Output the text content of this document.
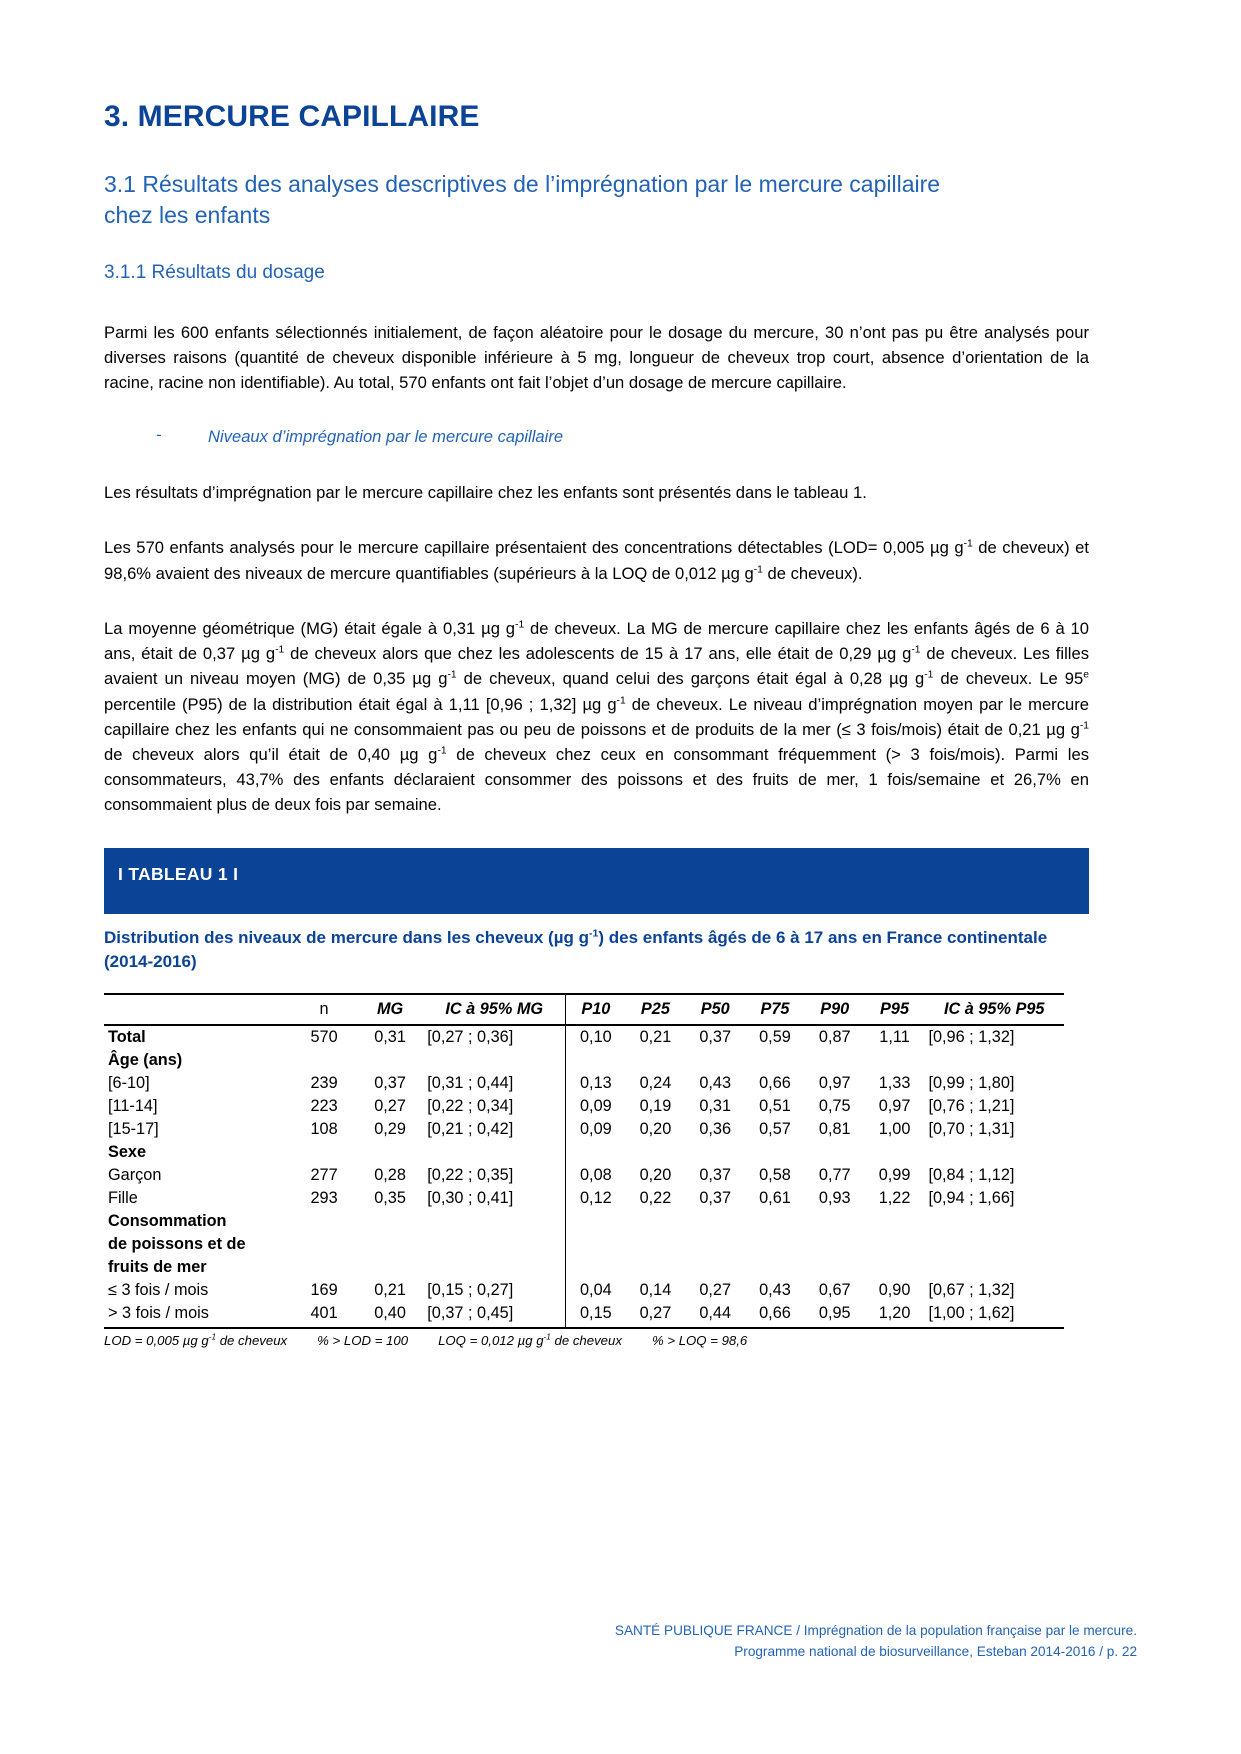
3. MERCURE CAPILLAIRE
3.1 Résultats des analyses descriptives de l’imprégnation par le mercure capillaire chez les enfants
3.1.1 Résultats du dosage

Parmi les 600 enfants sélectionnés initialement, de façon aléatoire pour le dosage du mercure, 30 n’ont pas pu être analysés pour diverses raisons (quantité de cheveux disponible inférieure à 5 mg, longueur de cheveux trop court, absence d’orientation de la racine, racine non identifiable). Au total, 570 enfants ont fait l’objet d’un dosage de mercure capillaire.

-	Niveaux d’imprégnation par le mercure capillaire

Les résultats d’imprégnation par le mercure capillaire chez les enfants sont présentés dans le tableau 1.

Les 570 enfants analysés pour le mercure capillaire présentaient des concentrations détectables (LOD= 0,005 µg $g^{-1}$ de cheveux) et 98,6% avaient des niveaux de mercure quantifiables (supérieurs à la LOQ de 0,012 µg $g^{-1}$ de cheveux).

La moyenne géométrique (MG) était égale à 0,31 µg $g^{-1}$ de cheveux. La MG de mercure capillaire chez les enfants âgés de 6 à 10 ans, était de 0,37 µg $g^{-1}$ de cheveux alors que chez les adolescents de 15 à 17 ans, elle était de 0,29 µg $g^{-1}$ de cheveux. Les filles avaient un niveau moyen (MG) de 0,35 µg $g^{-1}$ de cheveux, quand celui des garçons était égal à 0,28 µg $g^{-1}$ de cheveux. Le 95e percentile (P95) de la distribution était égal à 1,11 [0,96 ; 1,32] µg $g^{-1}$ de cheveux. Le niveau d’imprégnation moyen par le mercure capillaire chez les enfants qui ne consommaient pas ou peu de poissons et de produits de la mer (≤ 3 fois/mois) était de 0,21 µg $g^{-1}$ de cheveux alors qu’il était de 0,40 µg $g^{-1}$ de cheveux chez ceux en consommant fréquemment (> 3 fois/mois). Parmi les consommateurs, 43,7% des enfants déclaraient consommer des poissons et des fruits de mer, 1 fois/semaine et 26,7% en consommaient plus de deux fois par semaine.

I TABLEAU 1 I
Distribution des niveaux de mercure dans les cheveux (µg $g^{-1}$) des enfants âgés de 6 à 17 ans en France continentale (2014-2016)
	n	MG	IC à 95% MG	P10	P25	P50	P75	P90	P95	IC à 95% P95
Total	570	0,31	[0,27 ; 0,36]	0,10	0,21	0,37	0,59	0,87	1,11	[0,96 ; 1,32]
Âge (ans)										
[6-10]	239	0,37	[0,31 ; 0,44]	0,13	0,24	0,43	0,66	0,97	1,33	[0,99 ; 1,80]
[11-14]	223	0,27	[0,22 ; 0,34]	0,09	0,19	0,31	0,51	0,75	0,97	[0,76 ; 1,21]
[15-17]	108	0,29	[0,21 ; 0,42]	0,09	0,20	0,36	0,57	0,81	1,00	[0,70 ; 1,31]
Sexe										
Garçon	277	0,28	[0,22 ; 0,35]	0,08	0,20	0,37	0,58	0,77	0,99	[0,84 ; 1,12]
Fille	293	0,35	[0,30 ; 0,41]	0,12	0,22	0,37	0,61	0,93	1,22	[0,94 ; 1,66]
Consommation										
de poissons et de										
fruits de mer										
≤ 3 fois / mois	169	0,21	[0,15 ; 0,27]	0,04	0,14	0,27	0,43	0,67	0,90	[0,67 ; 1,32]
> 3 fois / mois	401	0,40	[0,37 ; 0,45]	0,15	0,27	0,44	0,66	0,95	1,20	[1,00 ; 1,62]
LOD = 0,005 µg $g^{-1}$ de cheveux % > LOD = 100 LOQ = 0,012 µg $g^{-1}$ de cheveux % > LOQ = 98,6
SANTÉ PUBLIQUE FRANCE / Imprégnation de la population française par le mercure.
Programme national de biosurveillance, Esteban 2014-2016 / p. 22
